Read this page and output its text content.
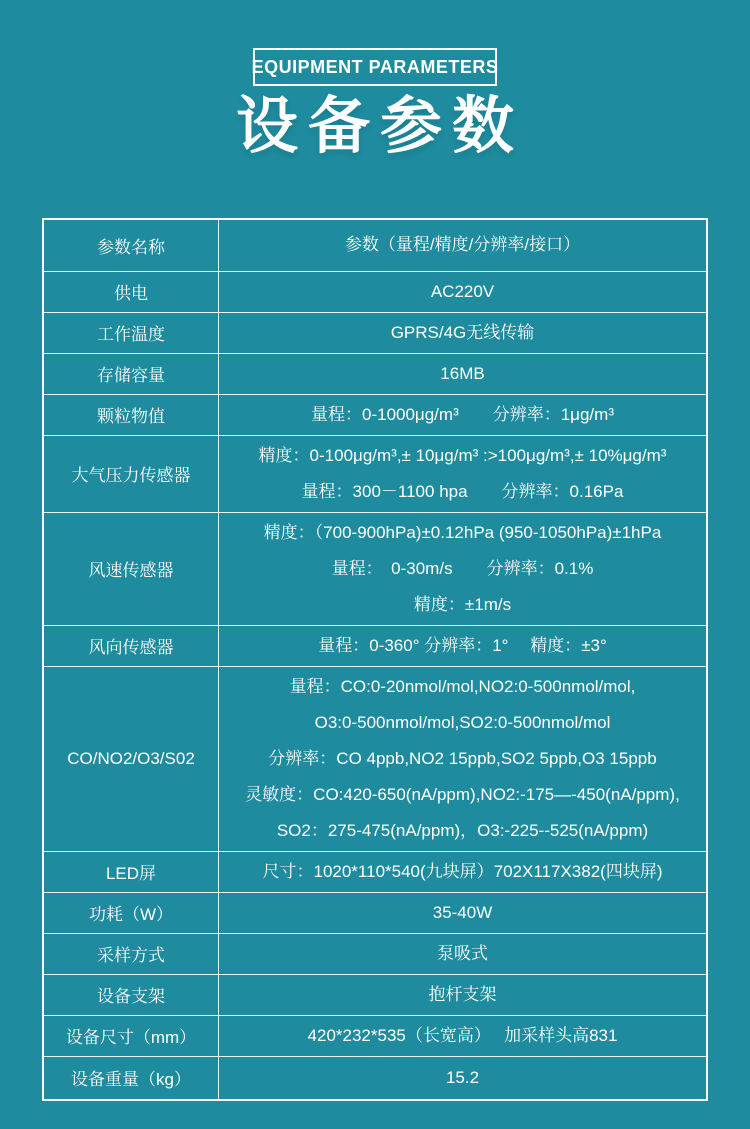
EQUIPMENT PARAMETERS
设备参数
参数名称	参数（量程/精度/分辨率/接口）

供电	AC220V

工作温度	GPRS/4G无线传输

存储容量	16MB

颗粒物值	量程：0-1000μg/m³　　分辨率：1μg/m³

大气压力传感器	精度：0-100μg/m³,± 10μg/m³ :>100μg/m³,± 10%μg/m³
量程：300－1100 hpa　　分辨率：0.16Pa

风速传感器	精度：（700-900hPa)±0.12hPa (950-1050hPa)±1hPa
量程：　0-30m/s　　分辨率：0.1%
精度：±1m/s

风向传感器	量程：0-360° 分辨率：1°　 精度：±3°

CO/NO2/O3/S02	量程：CO:0-20nmol/mol,NO2:0-500nmol/mol,
O3:0-500nmol/mol,SO2:0-500nmol/mol
分辨率：CO 4ppb,NO2 15ppb,SO2 5ppb,O3 15ppb
灵敏度：CO:420-650(nA/ppm),NO2:-175—-450(nA/ppm),
SO2：275-475(nA/ppm)，O3:-225--525(nA/ppm)

LED屏	尺寸：1020*110*540(九块屏）702X117X382(四块屏)

功耗（W）	35-40W

采样方式	泵吸式

设备支架	抱杆支架

设备尺寸（mm）	420*232*535（长宽高）　 加采样头高831

设备重量（kg）	15.2
